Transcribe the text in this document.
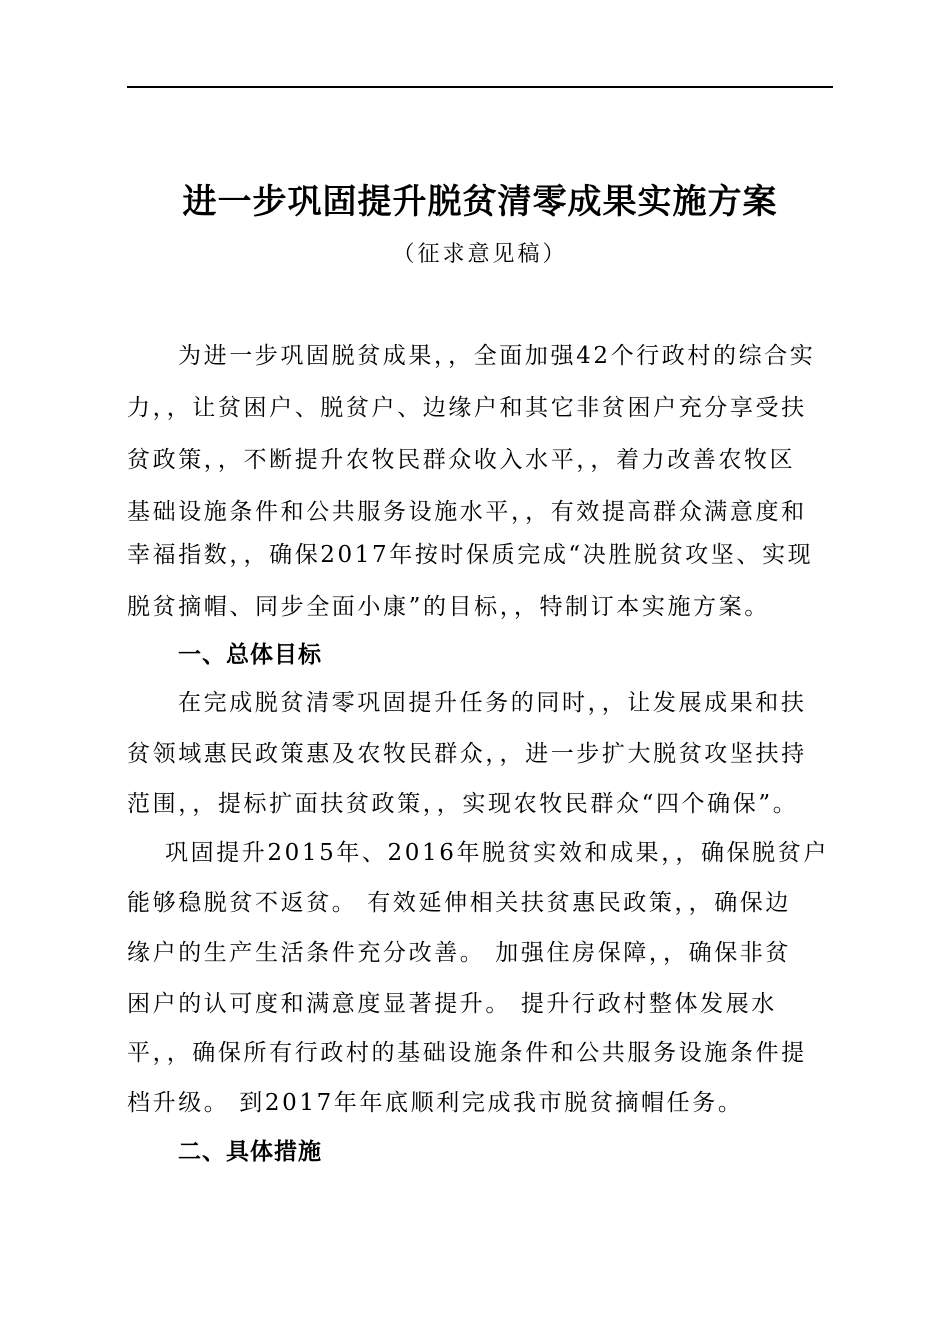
进一步巩固提升脱贫清零成果实施方案
（征求意见稿）
为进一步巩固脱贫成果，，全面加强42个行政村的综合实
力，，让贫困户、脱贫户、边缘户和其它非贫困户充分享受扶
贫政策，，不断提升农牧民群众收入水平，，着力改善农牧区
基础设施条件和公共服务设施水平，，有效提高群众满意度和
幸福指数，，确保2017年按时保质完成“决胜脱贫攻坚、实现
脱贫摘帽、同步全面小康”的目标，，特制订本实施方案。
一、总体目标
在完成脱贫清零巩固提升任务的同时，，让发展成果和扶
贫领域惠民政策惠及农牧民群众，，进一步扩大脱贫攻坚扶持
范围，，提标扩面扶贫政策，，实现农牧民群众“四个确保”。
巩固提升2015年、2016年脱贫实效和成果，，确保脱贫户
能够稳脱贫不返贫。 有效延伸相关扶贫惠民政策，，确保边
缘户的生产生活条件充分改善。 加强住房保障，，确保非贫
困户的认可度和满意度显著提升。 提升行政村整体发展水
平，，确保所有行政村的基础设施条件和公共服务设施条件提
档升级。 到2017年年底顺利完成我市脱贫摘帽任务。
二、具体措施
